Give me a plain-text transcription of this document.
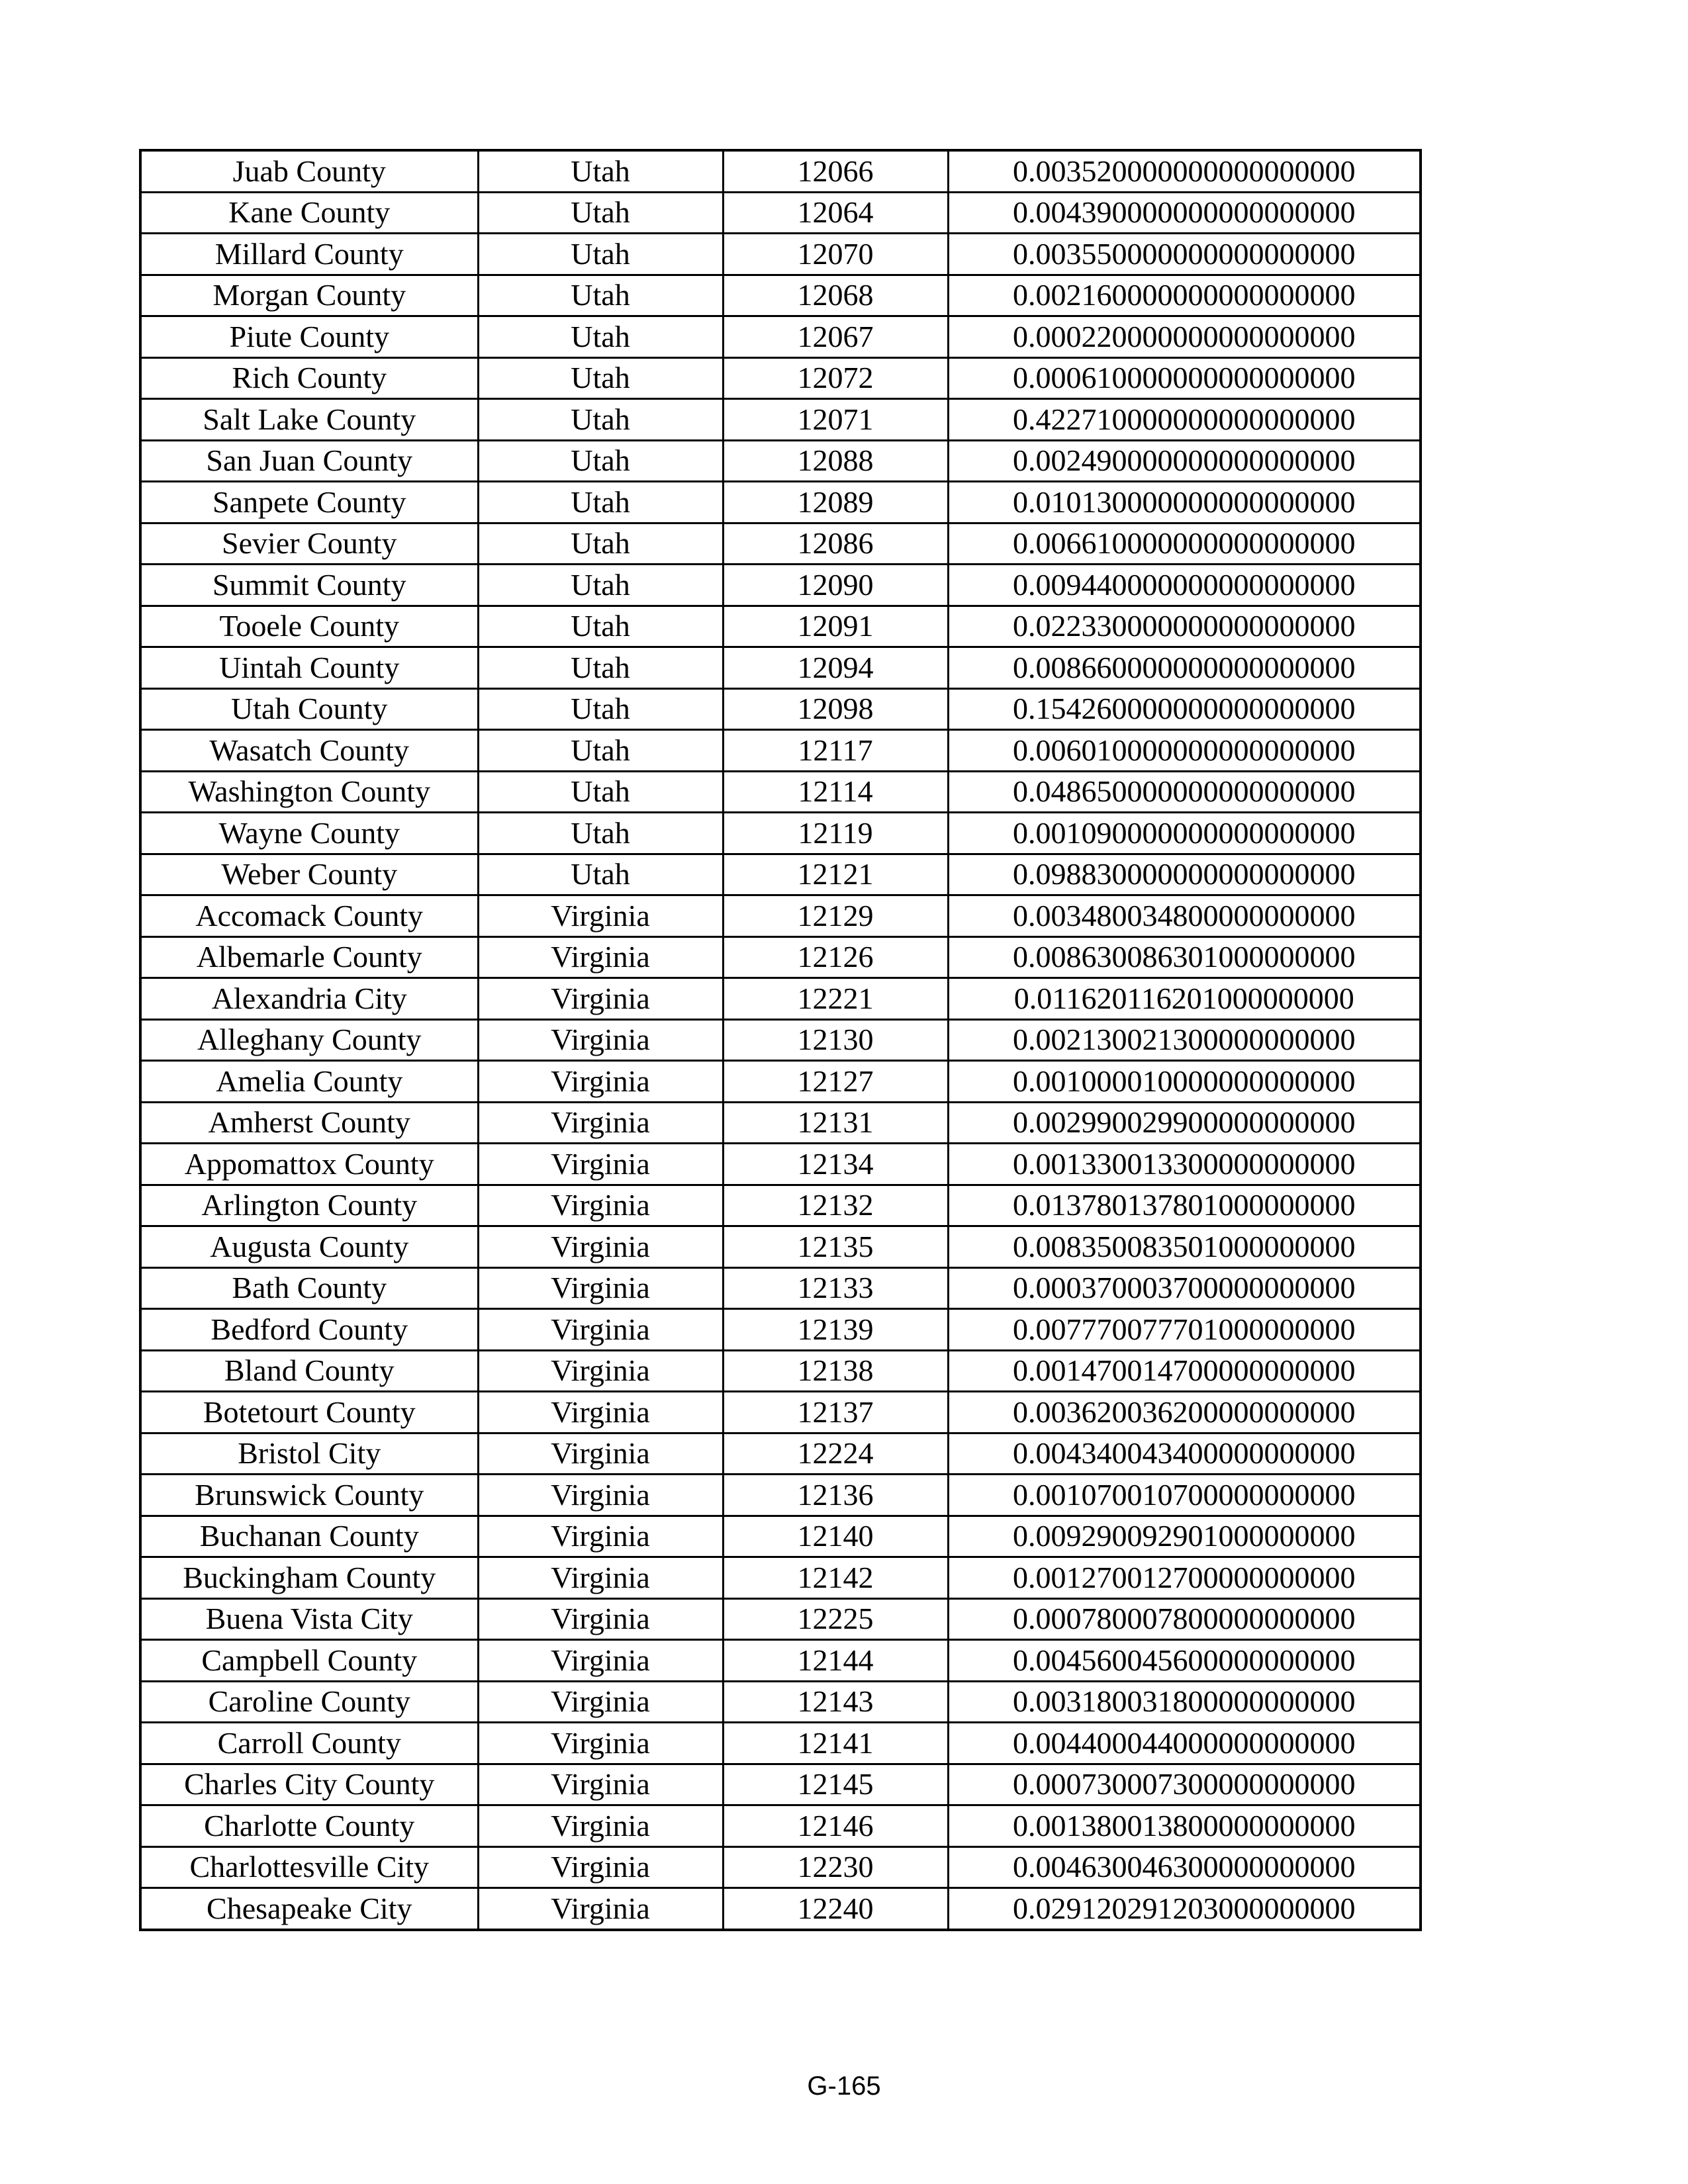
Juab County	Utah	12066	0.003520000000000000000
Kane County	Utah	12064	0.004390000000000000000
Millard County	Utah	12070	0.003550000000000000000
Morgan County	Utah	12068	0.002160000000000000000
Piute County	Utah	12067	0.000220000000000000000
Rich County	Utah	12072	0.000610000000000000000
Salt Lake County	Utah	12071	0.422710000000000000000
San Juan County	Utah	12088	0.002490000000000000000
Sanpete County	Utah	12089	0.010130000000000000000
Sevier County	Utah	12086	0.006610000000000000000
Summit County	Utah	12090	0.009440000000000000000
Tooele County	Utah	12091	0.022330000000000000000
Uintah County	Utah	12094	0.008660000000000000000
Utah County	Utah	12098	0.154260000000000000000
Wasatch County	Utah	12117	0.006010000000000000000
Washington County	Utah	12114	0.048650000000000000000
Wayne County	Utah	12119	0.001090000000000000000
Weber County	Utah	12121	0.098830000000000000000
Accomack County	Virginia	12129	0.003480034800000000000
Albemarle County	Virginia	12126	0.008630086301000000000
Alexandria City	Virginia	12221	0.011620116201000000000
Alleghany County	Virginia	12130	0.002130021300000000000
Amelia County	Virginia	12127	0.001000010000000000000
Amherst County	Virginia	12131	0.002990029900000000000
Appomattox County	Virginia	12134	0.001330013300000000000
Arlington County	Virginia	12132	0.013780137801000000000
Augusta County	Virginia	12135	0.008350083501000000000
Bath County	Virginia	12133	0.000370003700000000000
Bedford County	Virginia	12139	0.007770077701000000000
Bland County	Virginia	12138	0.001470014700000000000
Botetourt County	Virginia	12137	0.003620036200000000000
Bristol City	Virginia	12224	0.004340043400000000000
Brunswick County	Virginia	12136	0.001070010700000000000
Buchanan County	Virginia	12140	0.009290092901000000000
Buckingham County	Virginia	12142	0.001270012700000000000
Buena Vista City	Virginia	12225	0.000780007800000000000
Campbell County	Virginia	12144	0.004560045600000000000
Caroline County	Virginia	12143	0.003180031800000000000
Carroll County	Virginia	12141	0.004400044000000000000
Charles City County	Virginia	12145	0.000730007300000000000
Charlotte County	Virginia	12146	0.001380013800000000000
Charlottesville City	Virginia	12230	0.004630046300000000000
Chesapeake City	Virginia	12240	0.029120291203000000000
G-165
